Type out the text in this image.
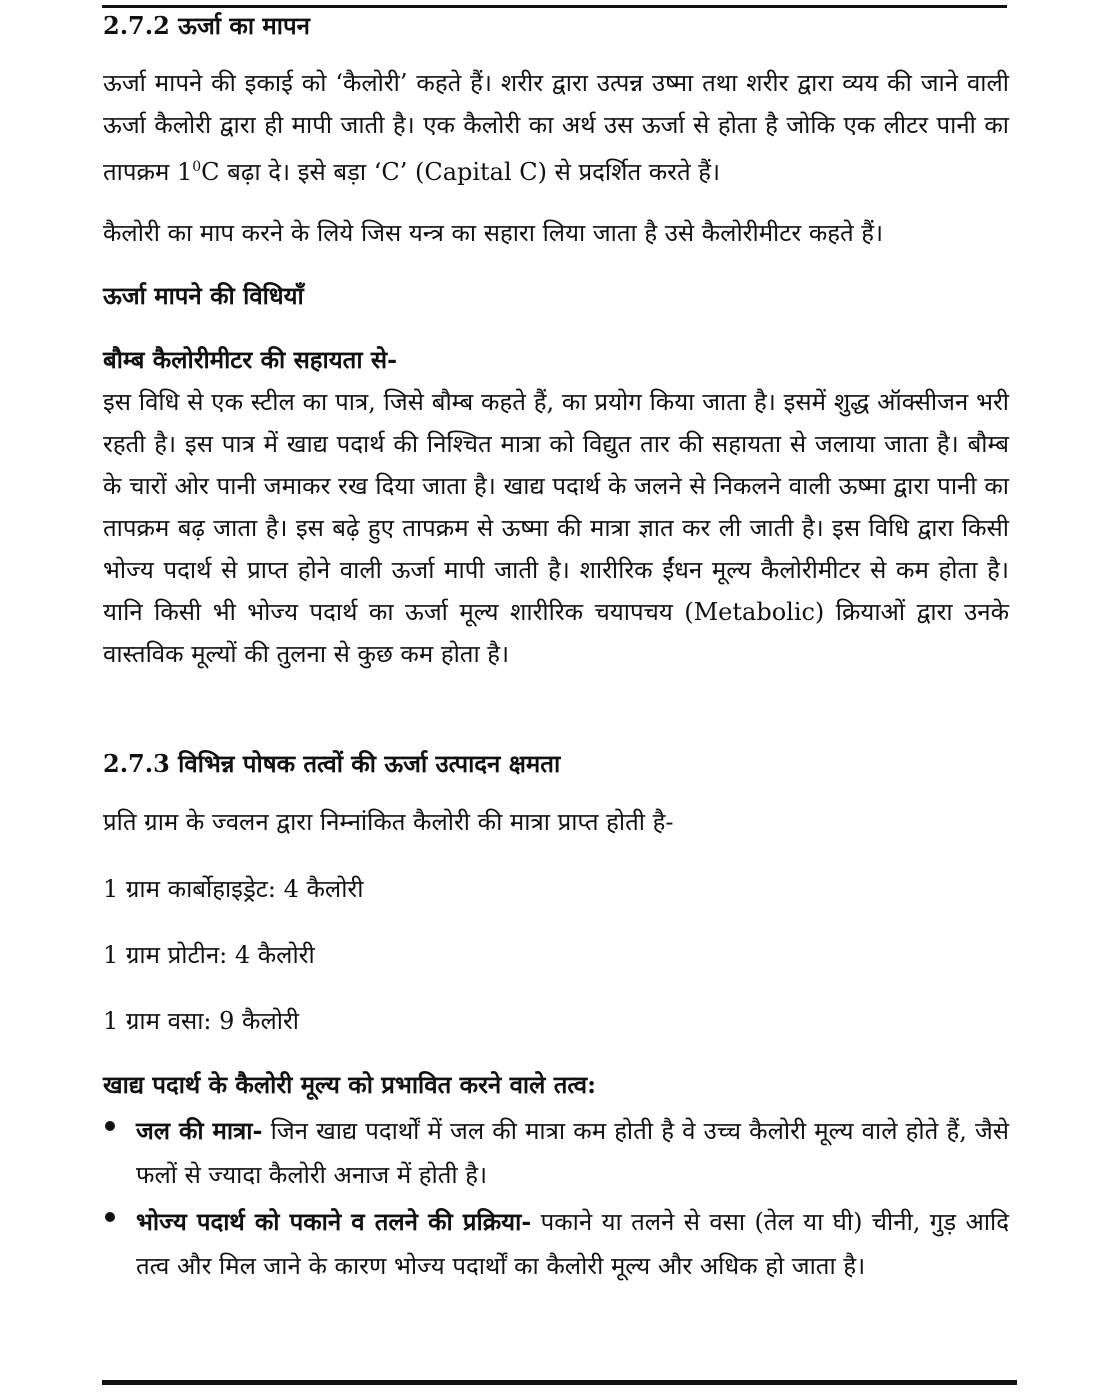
2.7.2 ऊर्जा का मापन

ऊर्जा मापने की इकाई को ‘कैलोरी’ कहते हैं। शरीर द्वारा उत्पन्न उष्मा तथा शरीर द्वारा व्यय की जाने वाली ऊर्जा कैलोरी द्वारा ही मापी जाती है। एक कैलोरी का अर्थ उस ऊर्जा से होता है जोकि एक लीटर पानी का तापक्रम $1^0C$ बढ़ा दे। इसे बड़ा ‘C’ (Capital C) से प्रदर्शित करते हैं।

कैलोरी का माप करने के लिये जिस यन्त्र का सहारा लिया जाता है उसे कैलोरीमीटर कहते हैं।

ऊर्जा मापने की विधियाँ
बौम्ब कैलोरीमीटर की सहायता से-

इस विधि से एक स्टील का पात्र, जिसे बौम्ब कहते हैं, का प्रयोग किया जाता है। इसमें शुद्ध ऑक्सीजन भरी रहती है। इस पात्र में खाद्य पदार्थ की निश्चित मात्रा को विद्युत तार की सहायता से जलाया जाता है। बौम्ब के चारों ओर पानी जमाकर रख दिया जाता है। खाद्य पदार्थ के जलने से निकलने वाली ऊष्मा द्वारा पानी का तापक्रम बढ़ जाता है। इस बढ़े हुए तापक्रम से ऊष्मा की मात्रा ज्ञात कर ली जाती है। इस विधि द्वारा किसी भोज्य पदार्थ से प्राप्त होने वाली ऊर्जा मापी जाती है। शारीरिक ईंधन मूल्य कैलोरीमीटर से कम होता है। यानि किसी भी भोज्य पदार्थ का ऊर्जा मूल्य शारीरिक चयापचय (Metabolic) क्रियाओं द्वारा उनके वास्तविक मूल्यों की तुलना से कुछ कम होता है।

2.7.3 विभिन्न पोषक तत्वों की ऊर्जा उत्पादन क्षमता

प्रति ग्राम के ज्वलन द्वारा निम्नांकित कैलोरी की मात्रा प्राप्त होती है-

1 ग्राम कार्बोहाइड्रेट: 4 कैलोरी

1 ग्राम प्रोटीन: 4 कैलोरी

1 ग्राम वसा: 9 कैलोरी

खाद्य पदार्थ के कैलोरी मूल्य को प्रभावित करने वाले तत्व:
जल की मात्रा- जिन खाद्य पदार्थों में जल की मात्रा कम होती है वे उच्च कैलोरी मूल्य वाले होते हैं, जैसे फलों से ज्यादा कैलोरी अनाज में होती है।
भोज्य पदार्थ को पकाने व तलने की प्रक्रिया- पकाने या तलने से वसा (तेल या घी) चीनी, गुड़ आदि तत्व और मिल जाने के कारण भोज्य पदार्थों का कैलोरी मूल्य और अधिक हो जाता है।
